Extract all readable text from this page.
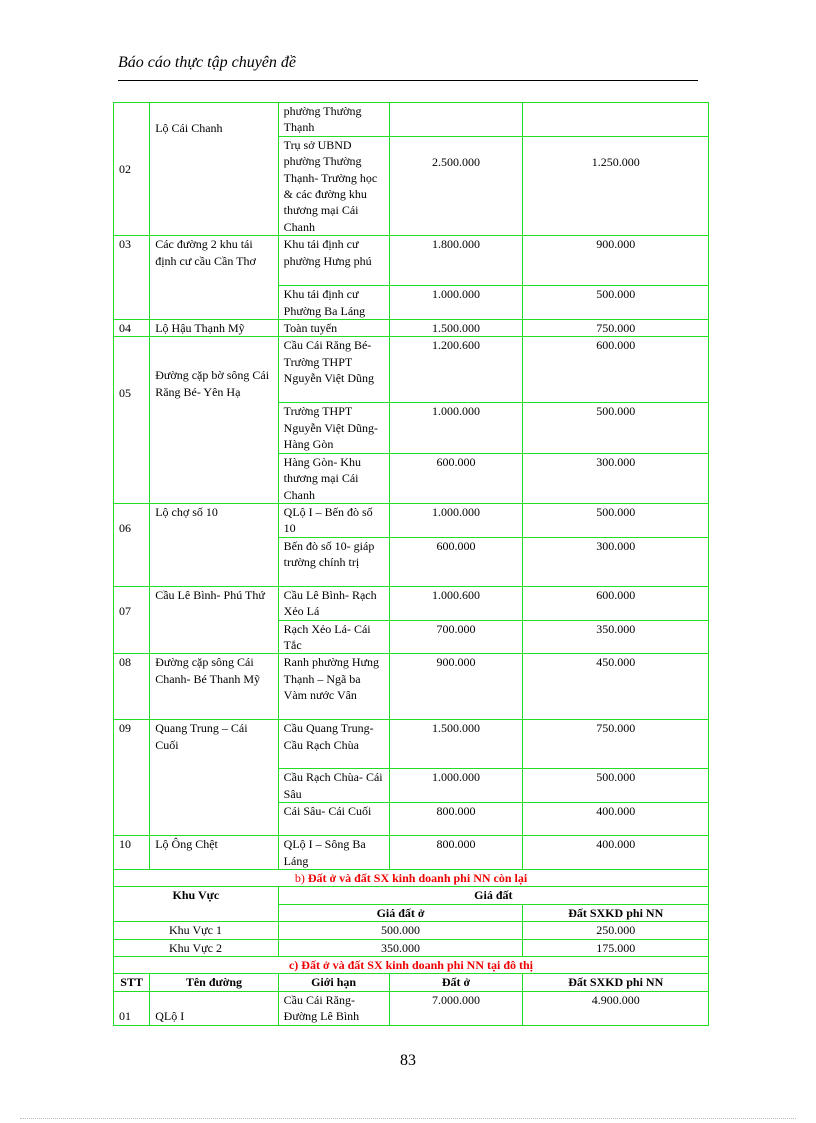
Báo cáo thực tập chuyên đề
02	Lộ Cái Chanh	phường Thường Thạnh		
		Trụ sở UBND phường Thường Thạnh- Trường học & các đường khu thương mại Cái Chanh	2.500.000	1.250.000
03	Các đường 2 khu tái định cư cầu Cần Thơ	Khu tái định cư phường Hưng phú	1.800.000	900.000
		Khu tái định cư Phường Ba Láng	1.000.000	500.000
04	Lộ Hậu Thạnh Mỹ	Toàn tuyến	1.500.000	750.000
05	Đường cặp bờ sông Cái Răng Bé- Yên Hạ	Cầu Cái Răng Bé- Trường THPT Nguyễn Việt Dũng	1.200.600	600.000
		Trường THPT Nguyễn Việt Dũng- Hàng Gòn	1.000.000	500.000
		Hàng Gòn- Khu thương mại Cái Chanh	600.000	300.000
06	Lộ chợ số 10	QLộ I – Bến đò số 10	1.000.000	500.000
		Bến đò số 10- giáp trường chính trị	600.000	300.000
07	Cầu Lê Bình- Phú Thứ	Cầu Lê Bình- Rạch Xẻo Lá	1.000.600	600.000
		Rạch Xẻo Lá- Cái Tắc	700.000	350.000
08	Đường cặp sông Cái Chanh- Bé Thanh Mỹ	Ranh phường Hưng Thạnh – Ngã ba Vàm nước Vân	900.000	450.000
09	Quang Trung – Cái Cuối	Cầu Quang Trung- Cầu Rạch Chùa	1.500.000	750.000
		Cầu Rạch Chùa- Cái Sâu	1.000.000	500.000
		Cái Sâu- Cái Cuối	800.000	400.000
10	Lộ Ông Chệt	QLộ I – Sông Ba Láng	800.000	400.000
b) Đất ở và đất SX kinh doanh phi NN còn lại				
Khu Vực		Giá đất		
		Giá đất ở		Đất SXKD phi NN
Khu Vực 1		500.000		250.000
Khu Vực 2		350.000		175.000
c) Đất ở và đất SX kinh doanh phi NN tại đô thị				
STT	Tên đường	Giới hạn	Đất ở	Đất SXKD phi NN
01	QLộ I	Cầu Cái Răng- Đường Lê Bình	7.000.000	4.900.000
83
